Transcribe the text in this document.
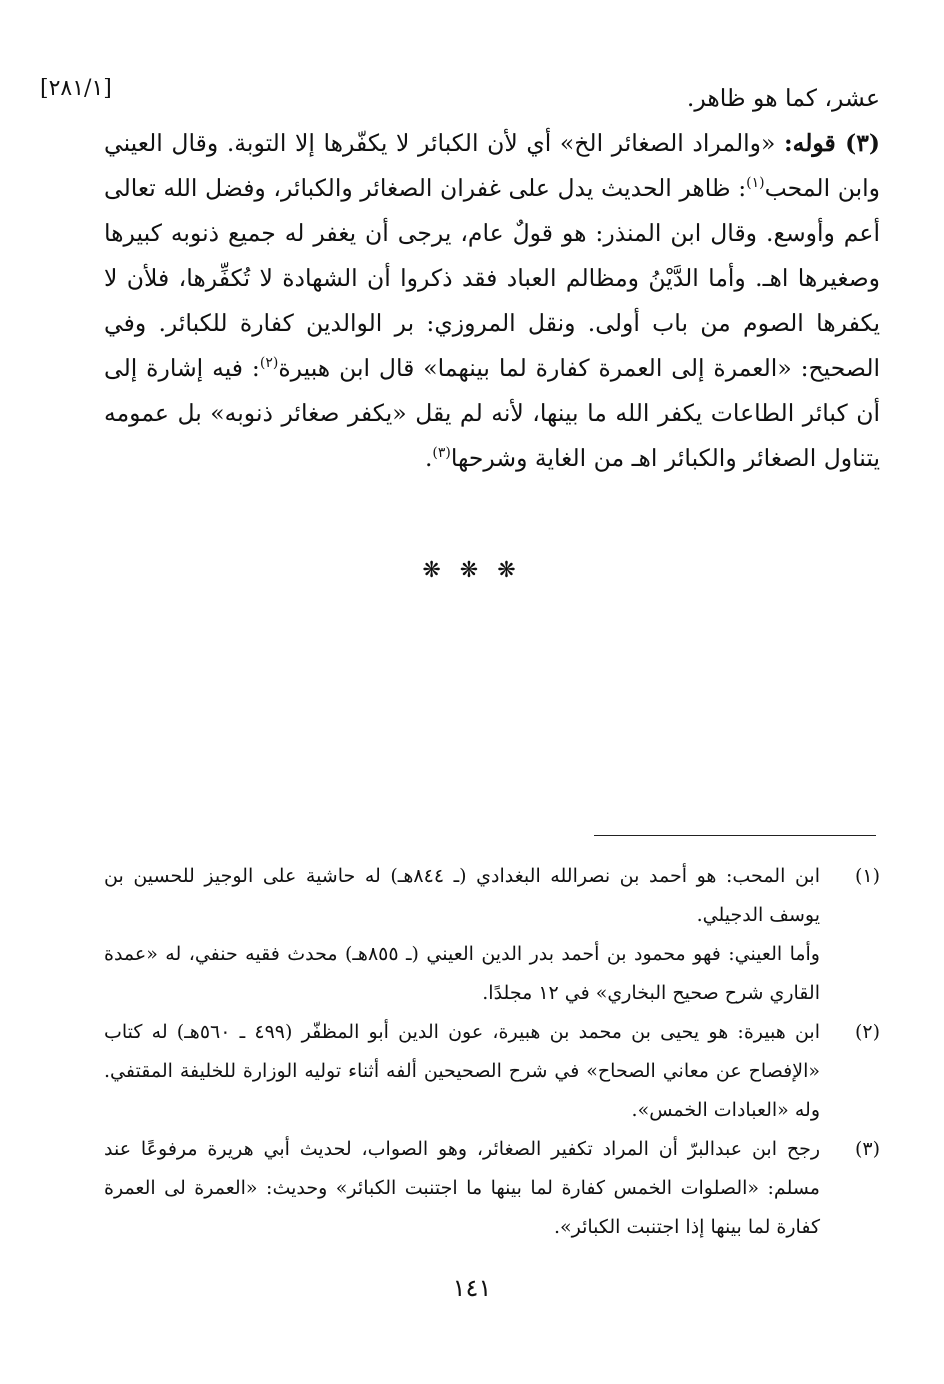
[٢٨١/١]	عشر، كما هو ظاهر.

(٣) قوله: «والمراد الصغائر الخ» أي لأن الكبائر لا يكفّرها إلا التوبة. وقال العيني وابن المحب$^{(١)}$: ظاهر الحديث يدل على غفران الصغائر والكبائر، وفضل الله تعالى أعم وأوسع. وقال ابن المنذر: هو قولٌ عام، يرجى أن يغفر له جميع ذنوبه كبيرها وصغيرها اهـ. وأما الدَّيْنُ ومظالم العباد فقد ذكروا أن الشهادة لا تُكفِّرها، فلأن لا يكفرها الصوم من باب أولى. ونقل المروزي: بر الوالدين كفارة للكبائر. وفي الصحيح: «العمرة إلى العمرة كفارة لما بينهما» قال ابن هبيرة$^{(٢)}$: فيه إشارة إلى أن كبائر الطاعات يكفر الله ما بينها، لأنه لم يقل «يكفر صغائر ذنوبه» بل عمومه يتناول الصغائر والكبائر اهـ من الغاية وشرحها$^{(٣)}$.

❋ ❋ ❋
(١)

ابن المحب: هو أحمد بن نصرالله البغدادي (ـ ٨٤٤هـ) له حاشية على الوجيز للحسين بن يوسف الدجيلي.

وأما العيني: فهو محمود بن أحمد بدر الدين العيني (ـ ٨٥٥هـ) محدث فقيه حنفي، له «عمدة القاري شرح صحيح البخاري» في ١٢ مجلدًا.

(٢)

ابن هبيرة: هو يحيى بن محمد بن هبيرة، عون الدين أبو المظفّر (٤٩٩ ـ ٥٦٠هـ) له كتاب «الإفصاح عن معاني الصحاح» في شرح الصحيحين ألفه أثناء توليه الوزارة للخليفة المقتفي. وله «العبادات الخمس».

(٣)

رجح ابن عبدالبرّ أن المراد تكفير الصغائر، وهو الصواب، لحديث أبي هريرة مرفوعًا عند مسلم: «الصلوات الخمس كفارة لما بينها ما اجتنبت الكبائر» وحديث: «العمرة لى العمرة كفارة لما بينها إذا اجتنبت الكبائر».

١٤١
